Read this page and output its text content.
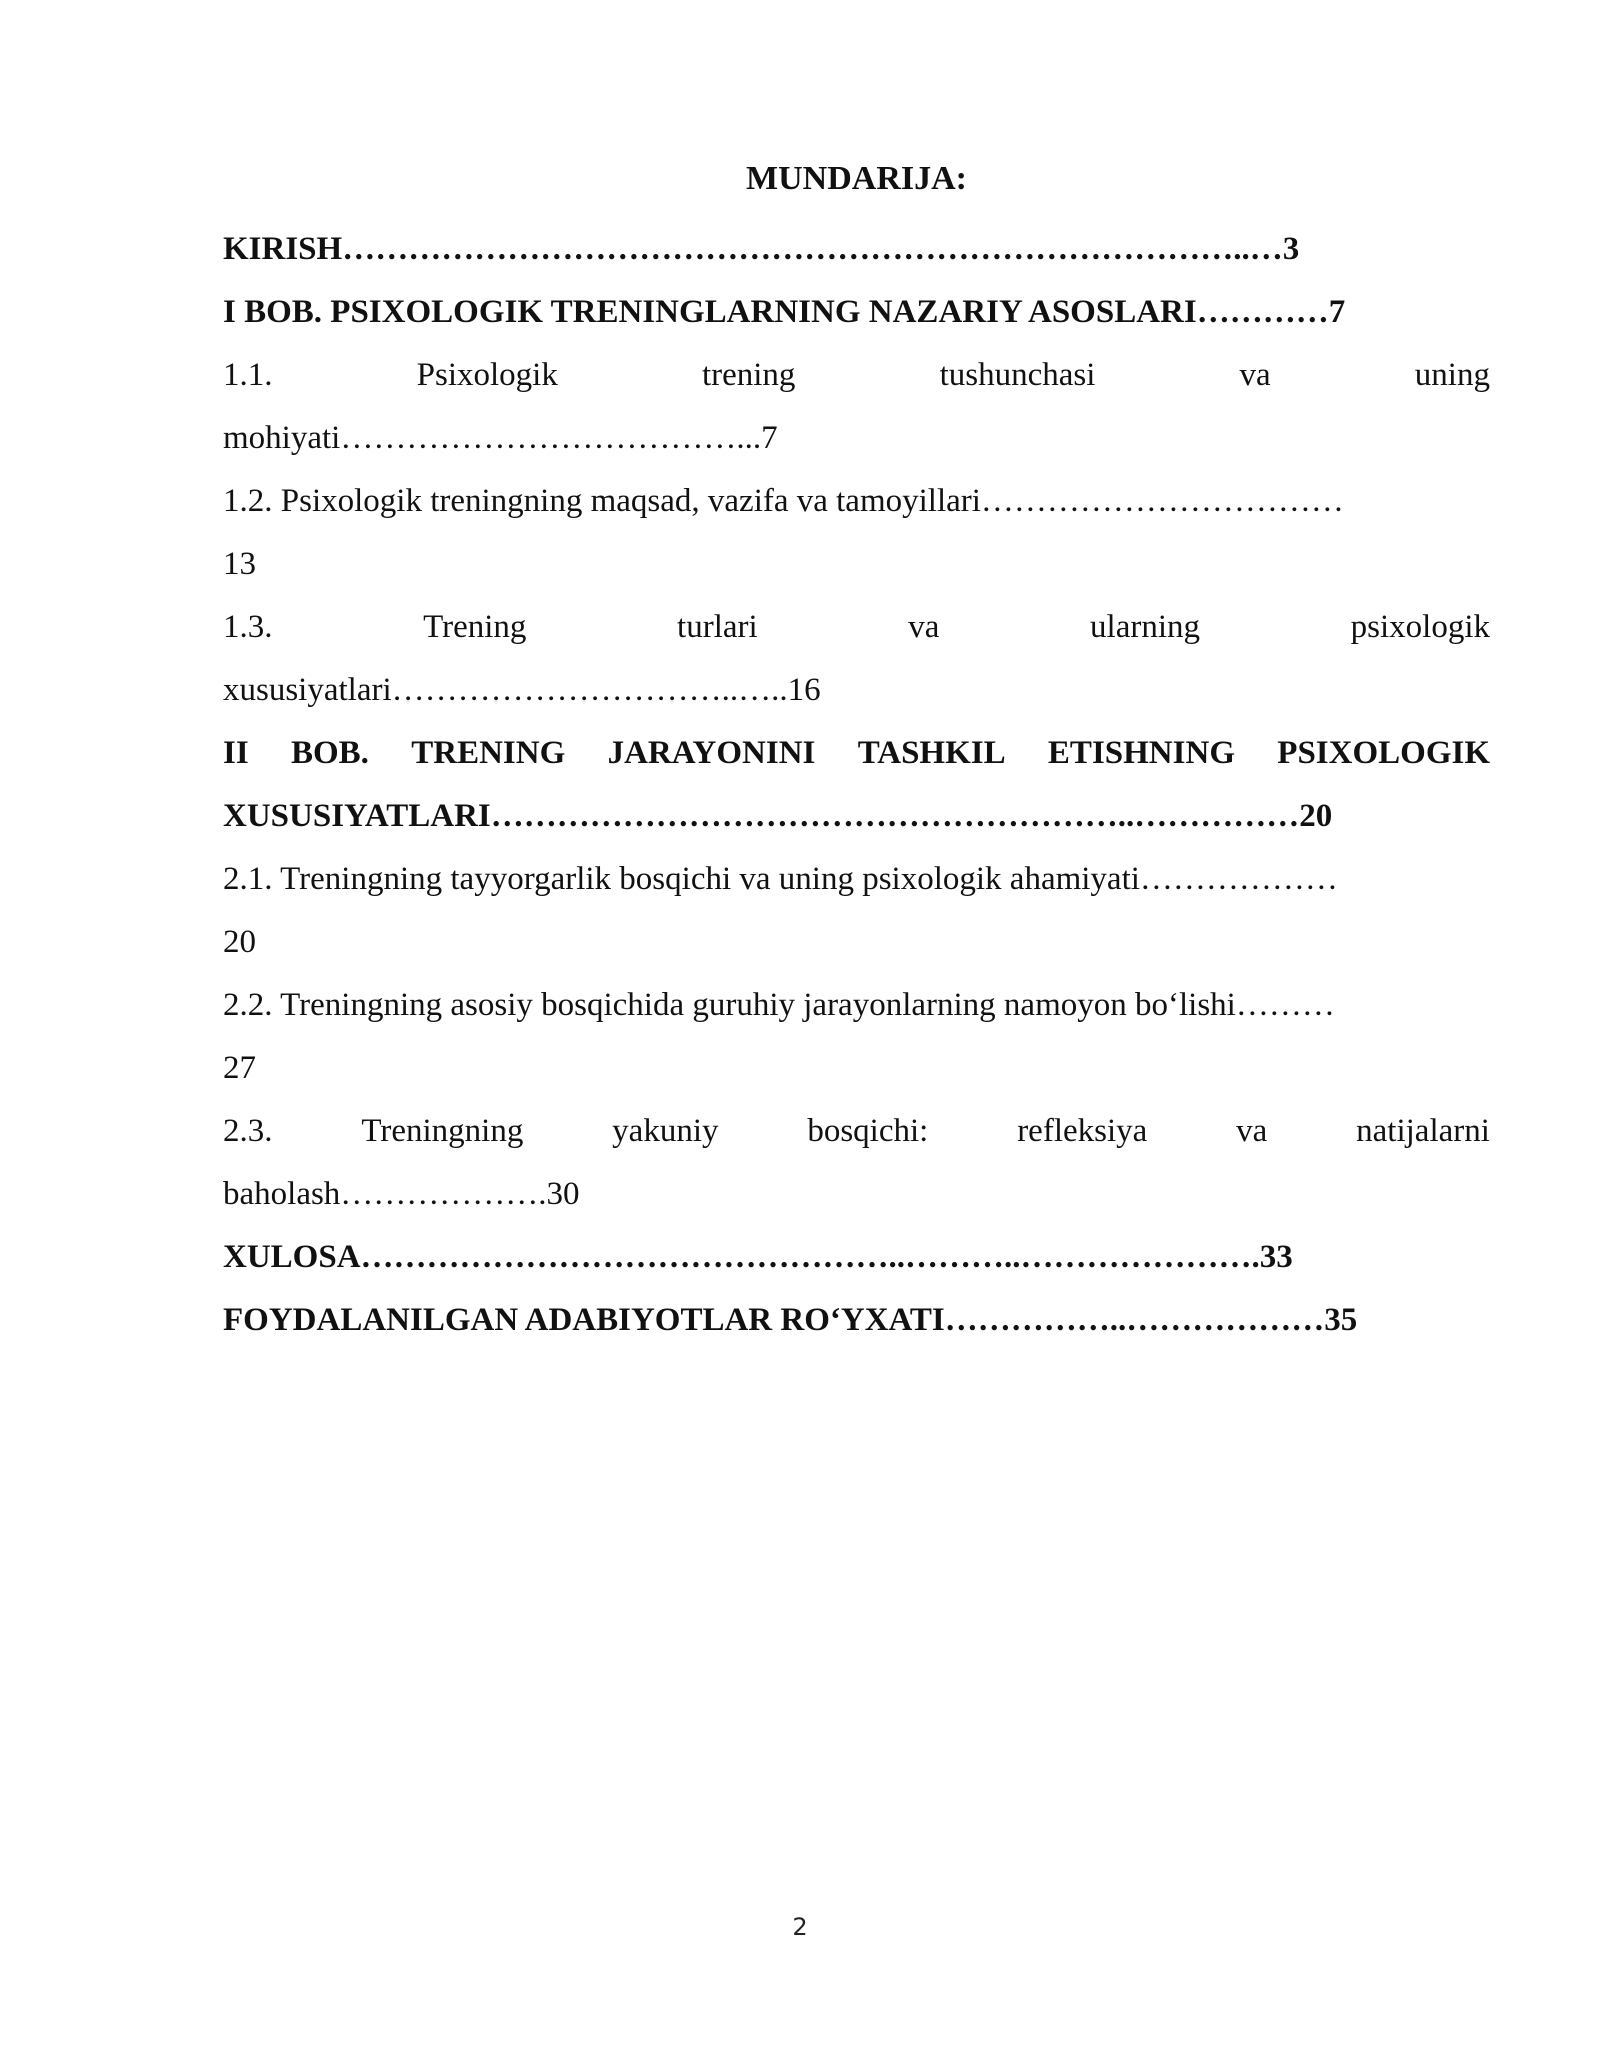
MUNDARIJA:
KIRISH………………………………………………………………………..…3
I BOB. PSIXOLOGIK TRENINGLARNING NAZARIY ASOSLARI…………7
1.1.	Psixologik	trening	tushunchasi	va	uning
mohiyati………………………………...7
1.2. Psixologik treningning maqsad, vazifa va tamoyillari……………………………
13
1.3.	Trening	turlari	va	ularning	psixologik
xususiyatlari…………………………..…..16
II BOB. TRENING JARAYONINI TASHKIL ETISHNING PSIXOLOGIK
XUSUSIYATLARI…………………………………………………..……………20
2.1. Treningning tayyorgarlik bosqichi va uning psixologik ahamiyati………………
20
2.2. Treningning asosiy bosqichida guruhiy jarayonlarning namoyon bo‘lishi………
27
2.3.	Treningning	yakuniy	bosqichi:	refleksiya	va	natijalarni
baholash……………….30
XULOSA…………………………………………..………..………………….33
FOYDALANILGAN ADABIYOTLAR RO‘YXATI……………..………………35
2
